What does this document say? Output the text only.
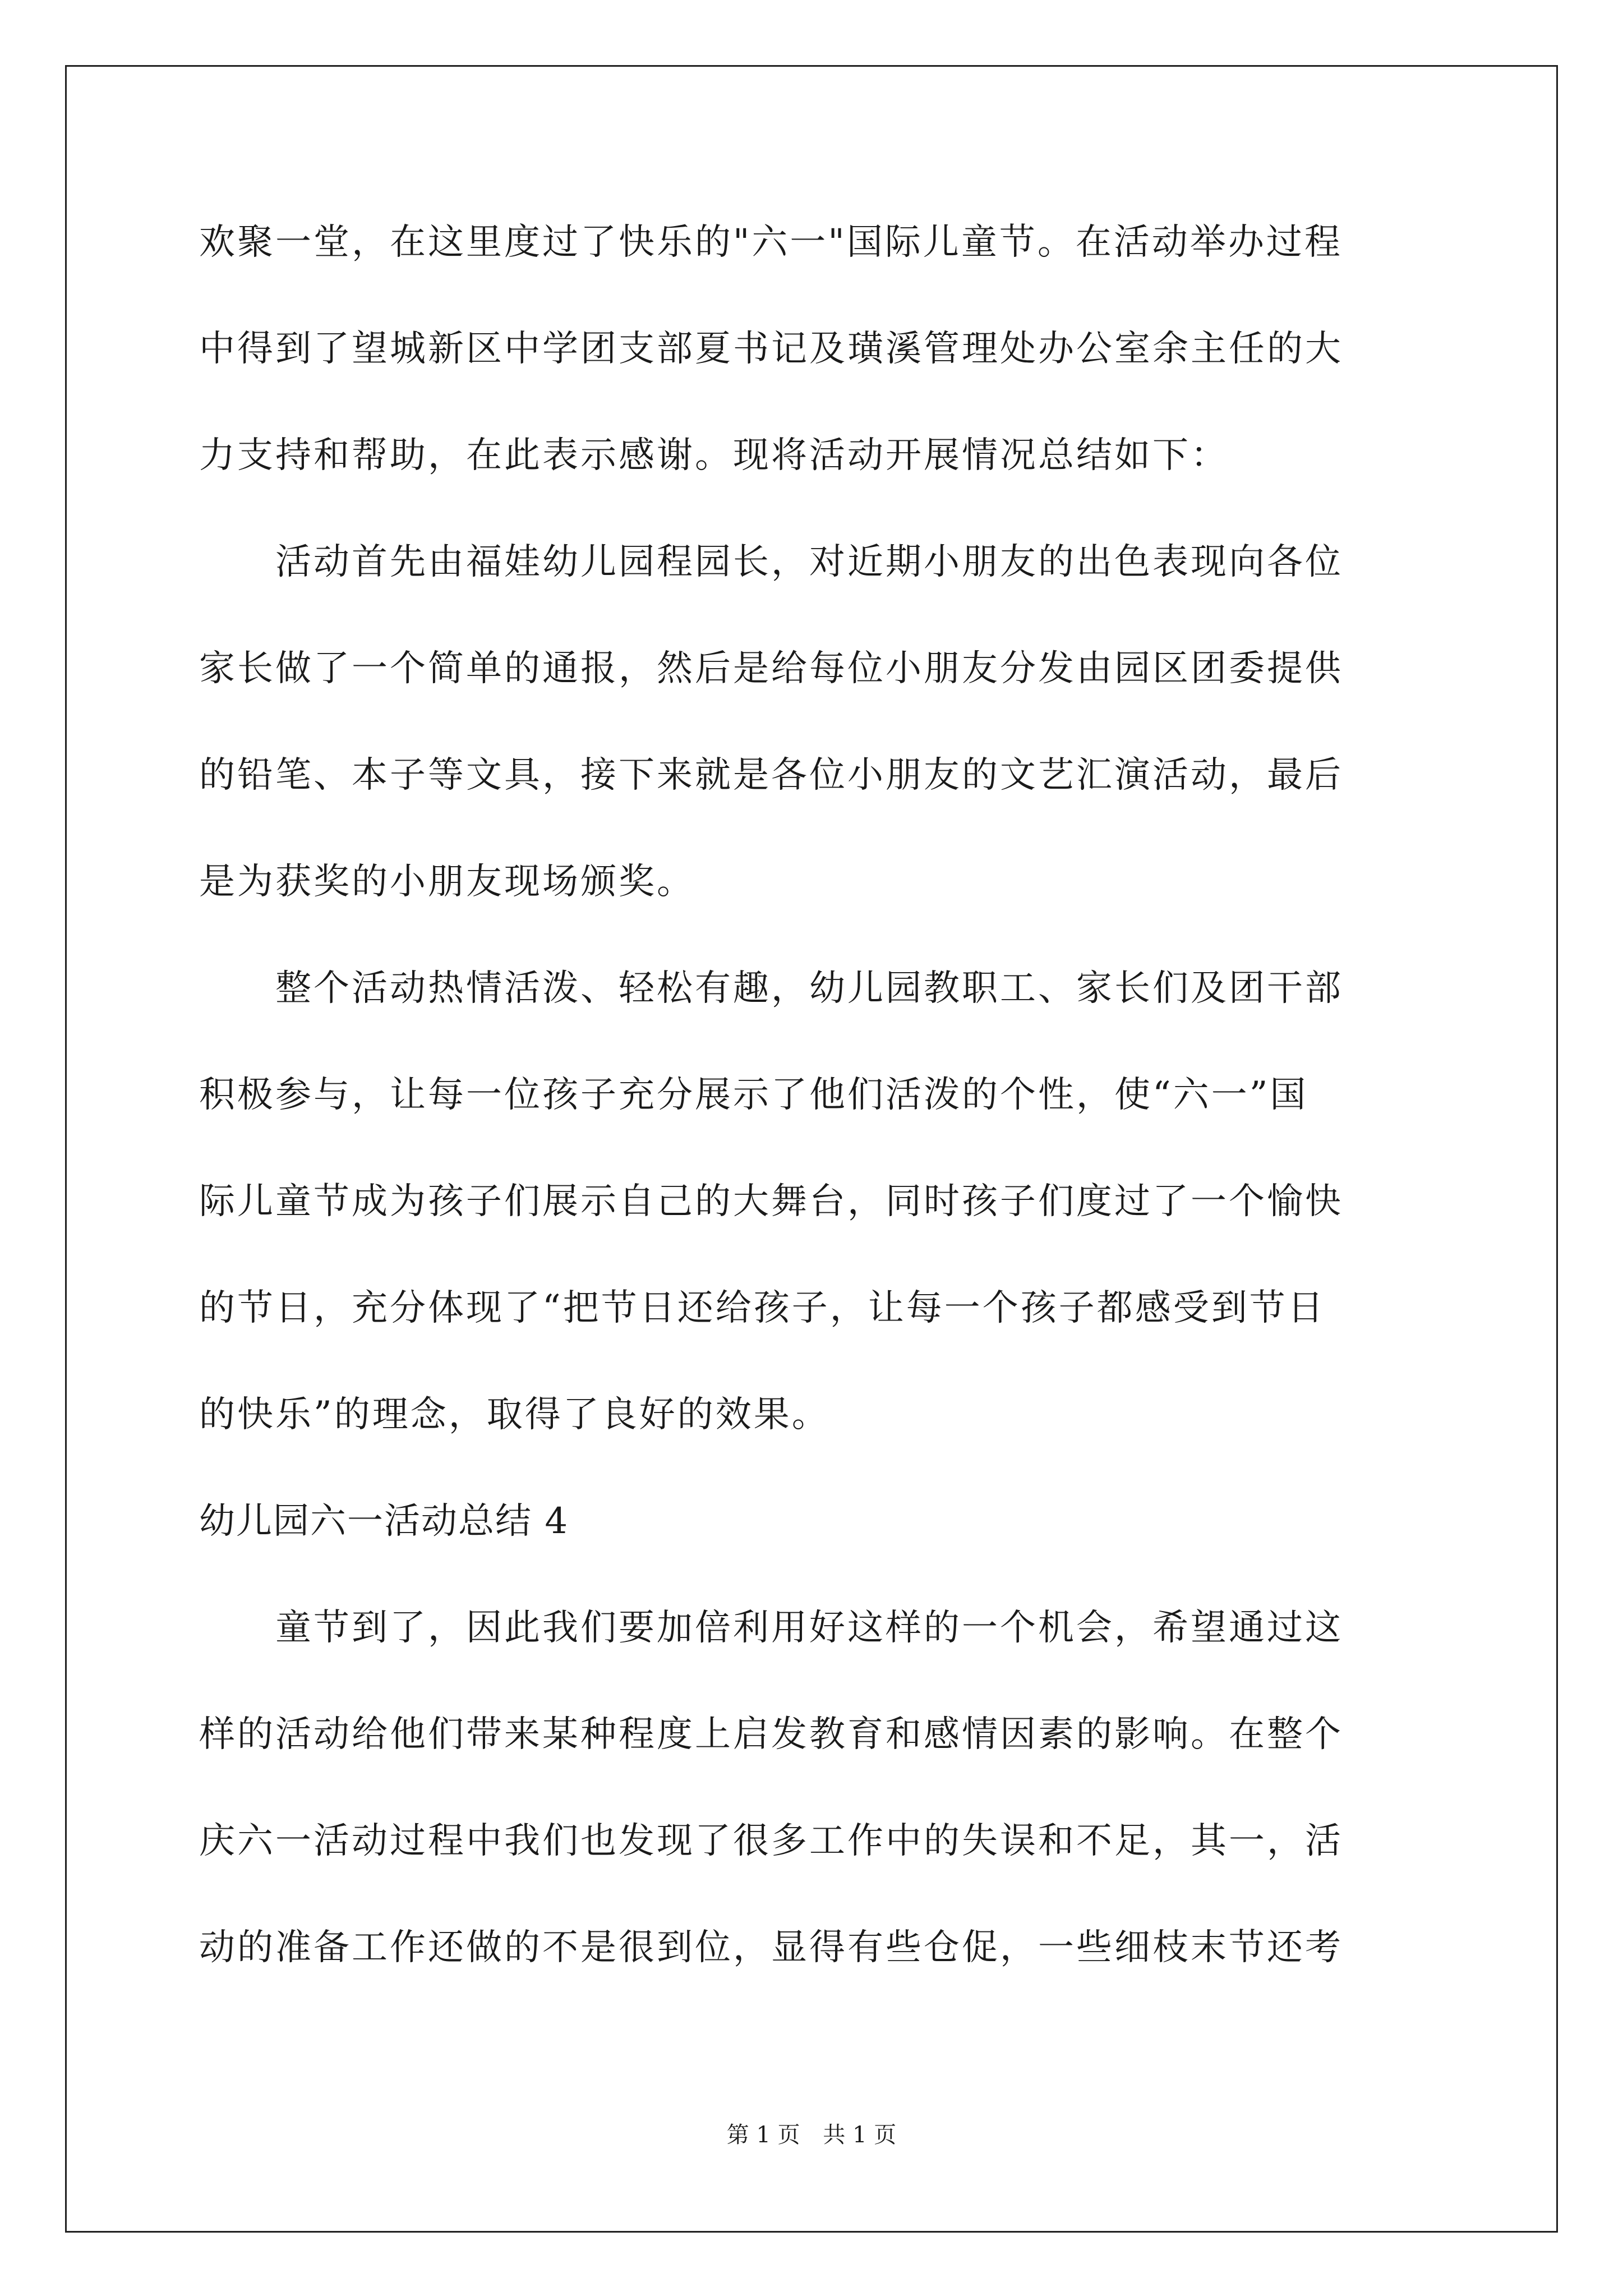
欢聚一堂，在这里度过了快乐的"六一"国际儿童节。在活动举办过程
中得到了望城新区中学团支部夏书记及璜溪管理处办公室余主任的大
力支持和帮助，在此表示感谢。现将活动开展情况总结如下：
　　活动首先由福娃幼儿园程园长，对近期小朋友的出色表现向各位
家长做了一个简单的通报，然后是给每位小朋友分发由园区团委提供
的铅笔、本子等文具，接下来就是各位小朋友的文艺汇演活动，最后
是为获奖的小朋友现场颁奖。
　　整个活动热情活泼、轻松有趣，幼儿园教职工、家长们及团干部
积极参与，让每一位孩子充分展示了他们活泼的个性，使“六一”国
际儿童节成为孩子们展示自己的大舞台，同时孩子们度过了一个愉快
的节日，充分体现了“把节日还给孩子，让每一个孩子都感受到节日
的快乐”的理念，取得了良好的效果。
幼儿园六一活动总结 4
　　童节到了，因此我们要加倍利用好这样的一个机会，希望通过这
样的活动给他们带来某种程度上启发教育和感情因素的影响。在整个
庆六一活动过程中我们也发现了很多工作中的失误和不足，其一，活
动的准备工作还做的不是很到位，显得有些仓促，一些细枝末节还考
第 1 页 共 1 页
